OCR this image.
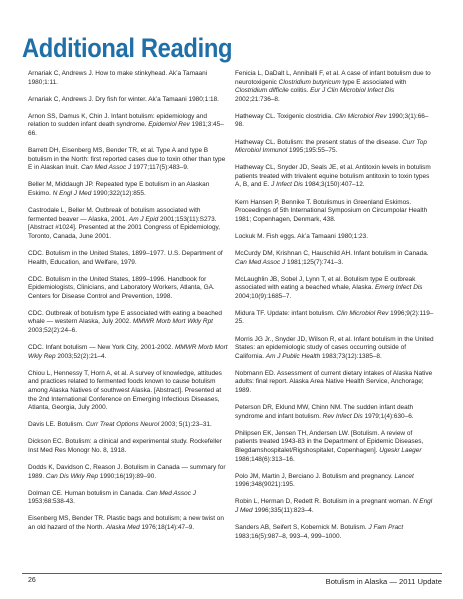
Additional Reading

Arnariak C, Andrews J. How to make stinkyhead. Ak’a Tamaani 1980;1:11.

Arnariak C, Andrews J. Dry fish for winter. Ak’a Tamaani 1980;1:18.

Arnon SS, Damus K, Chin J. Infant botulism: epidemiology and relation to sudden infant death syndrome. Epidemiol Rev 1981;3:45–66.

Barrett DH, Eisenberg MS, Bender TR, et al. Type A and type B botulism in the North: first reported cases due to toxin other than type E in Alaskan Inuit. Can Med Assoc J 1977;117(5):483–9.

Beller M, Middaugh JP. Repeated type E botulism in an Alaskan Eskimo. N Engl J Med 1990;322(12):855.

Castrodale L, Beller M. Outbreak of botulism associated with fermented beaver — Alaska, 2001. Am J Epid 2001;153(11):S273. [Abstract #1024]. Presented at the 2001 Congress of Epidemiology, Toronto, Canada, June 2001.

CDC. Botulism in the United States, 1899–1977. U.S. Department of Health, Education, and Welfare, 1979.

CDC. Botulism in the United States, 1899–1996. Handbook for Epidemiologists, Clinicians, and Laboratory Workers, Atlanta, GA. Centers for Disease Control and Prevention, 1998.

CDC. Outbreak of botulism type E associated with eating a beached whale — western Alaska, July 2002. MMWR Morb Mort Wkly Rpt 2003;52(2):24–6.

CDC. Infant botulism — New York City, 2001-2002. MMWR Morb Mort Wkly Rep 2003;52(2):21–4.

Chiou L, Hennessy T, Horn A, et al. A survey of knowledge, attitudes and practices related to fermented foods known to cause botulism among Alaska Natives of southwest Alaska. [Abstract]. Presented at the 2nd International Conference on Emerging Infectious Diseases, Atlanta, Georgia, July 2000.

Davis LE. Botulism. Curr Treat Options Neurol 2003; 5(1):23–31.

Dickson EC. Botulism: a clinical and experimental study. Rockefeller Inst Med Res Monogr No. 8, 1918.

Dodds K, Davidson C, Reason J. Botulism in Canada — summary for 1989. Can Dis Wkly Rep 1990;16(19):89–90.

Dolman CE. Human botulism in Canada. Can Med Assoc J 1953;68:538-43.

Eisenberg MS, Bender TR. Plastic bags and botulism; a new twist on an old hazard of the North. Alaska Med 1976;18(14):47–9.

Fenicia L, DaDalt L, Anniballi F, et al. A case of infant botulism due to neurotoxigenic Clostridium butyricum type E associated with Clostridium difficile colitis. Eur J Clin Microbiol Infect Dis 2002;21:736–8.

Hatheway CL. Toxigenic clostridia. Clin Microbiol Rev 1990;3(1):66–98.

Hatheway CL. Botulism: the present status of the disease. Curr Top Microbiol Immunol 1995;195:55–75.

Hatheway CL, Snyder JD, Seals JE, et al. Antitoxin levels in botulism patients treated with trivalent equine botulism antitoxin to toxin types A, B, and E. J Infect Dis 1984;3(150):407–12.

Kern Hansen P, Bennike T. Botulismus in Greenland Eskimos. Proceedings of 5th International Symposium on Circumpolar Health 1981; Copenhagen, Denmark, 438.

Lockuk M. Fish eggs. Ak’a Tamaani 1980;1:23.

McCurdy DM, Krishnan C, Hauschild AH. Infant botulism in Canada. Can Med Assoc J 1981;125(7):741–3.

McLaughlin JB, Sobel J, Lynn T, et al. Botulism type E outbreak associated with eating a beached whale, Alaska. Emerg Infect Dis 2004;10(9):1685–7.

Midura TF. Update: infant botulism. Clin Microbiol Rev 1996;9(2):119–25.

Morris JG Jr., Snyder JD, Wilson R, et al. Infant botulism in the United States: an epidemiologic study of cases occurring outside of California. Am J Public Health 1983;73(12):1385–8.

Nobmann ED. Assessment of current dietary intakes of Alaska Native adults: final report. Alaska Area Native Health Service, Anchorage; 1989.

Peterson DR, Eklund MW, Chinn NM. The sudden infant death syndrome and infant botulism. Rev Infect Dis 1979;1(4):630–6.

Philipsen EK, Jensen TH, Andersen LW. [Botulism. A review of patients treated 1943-83 in the Department of Epidemic Diseases, Blegdamshospitalet/Rigshospitalet, Copenhagen]. Ugeskr Laeger 1986;148(6):313–16.

Polo JM, Martin J, Berciano J. Botulism and pregnancy. Lancet 1996;348(9021):195.

Robin L, Herman D, Redett R. Botulism in a pregnant woman. N Engl J Med 1996;335(11):823–4.

Sanders AB, Seifert S, Kobernick M. Botulism. J Fam Pract 1983;16(5):987–8, 993–4, 999–1000.

26	Botulism in Alaska — 2011 Update
